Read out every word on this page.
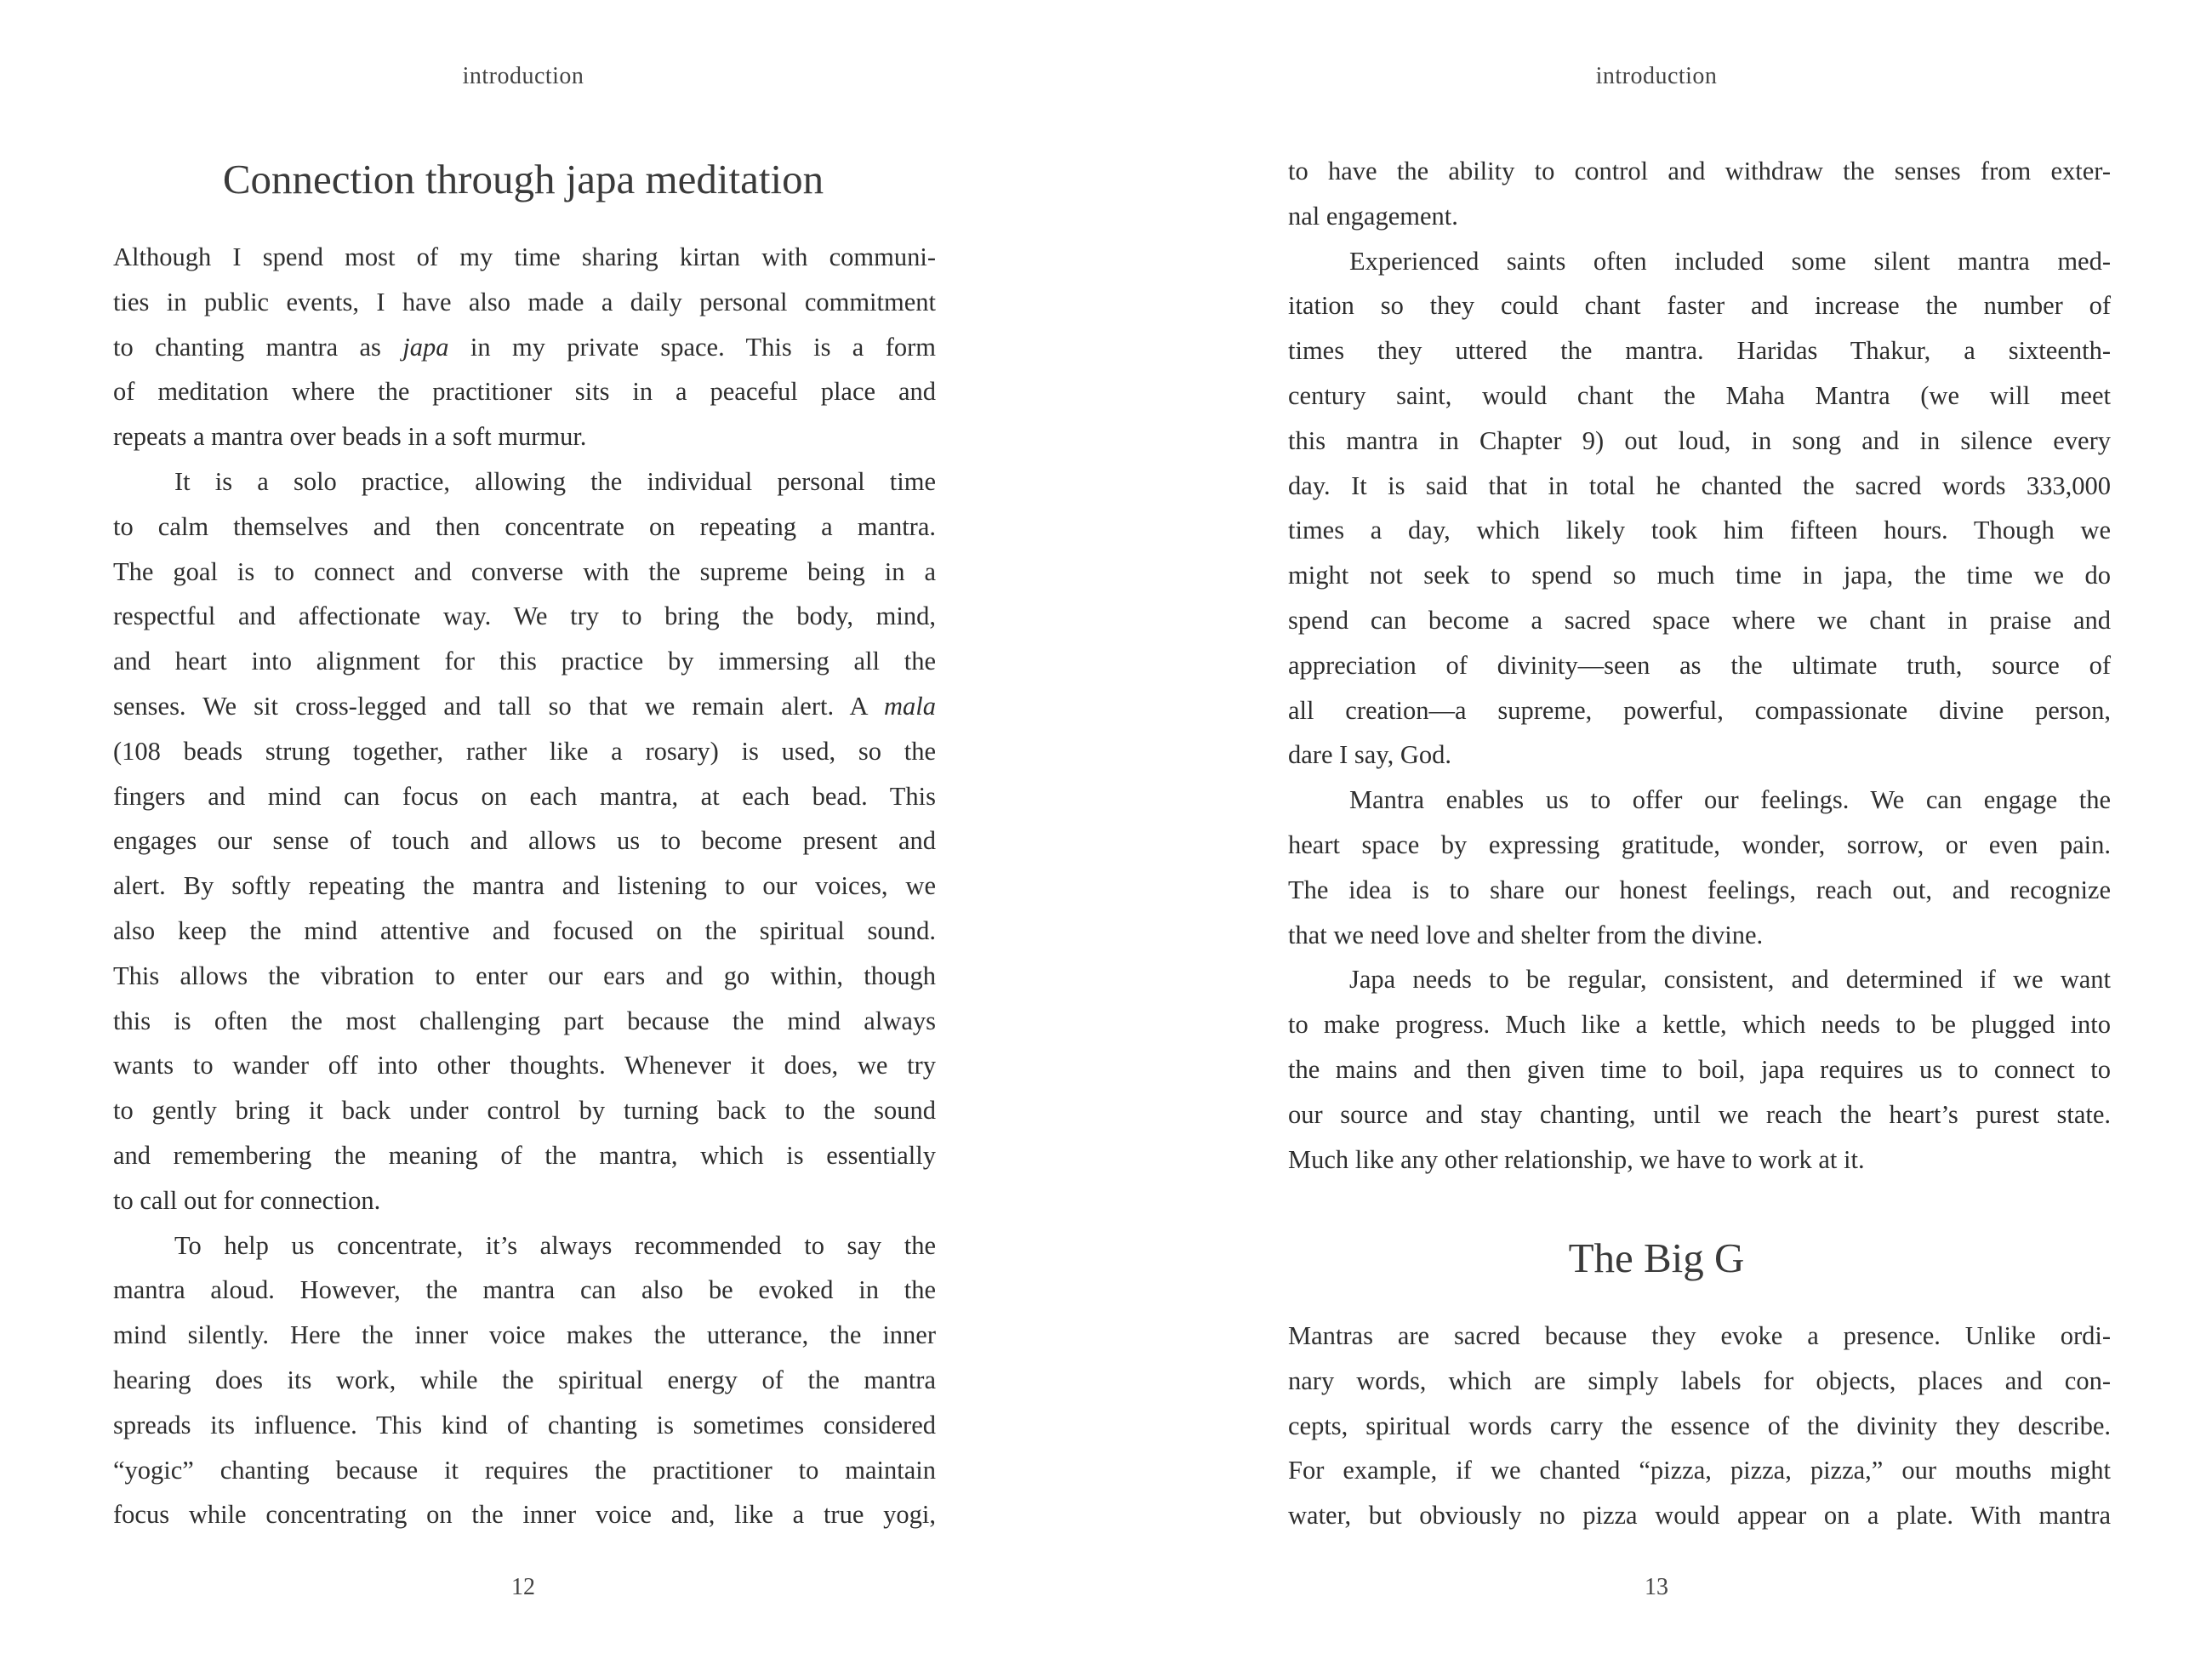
introduction
Connection through japa meditation
Although I spend most of my time sharing kirtan with communi-
ties in public events, I have also made a daily personal commitment
to chanting mantra as japa in my private space. This is a form
of meditation where the practitioner sits in a peaceful place and
repeats a mantra over beads in a soft murmur.
It is a solo practice, allowing the individual personal time
to calm themselves and then concentrate on repeating a mantra.
The goal is to connect and converse with the supreme being in a
respectful and affectionate way. We try to bring the body, mind,
and heart into alignment for this practice by immersing all the
senses. We sit cross-legged and tall so that we remain alert. A mala
(108 beads strung together, rather like a rosary) is used, so the
fingers and mind can focus on each mantra, at each bead. This
engages our sense of touch and allows us to become present and
alert. By softly repeating the mantra and listening to our voices, we
also keep the mind attentive and focused on the spiritual sound.
This allows the vibration to enter our ears and go within, though
this is often the most challenging part because the mind always
wants to wander off into other thoughts. Whenever it does, we try
to gently bring it back under control by turning back to the sound
and remembering the meaning of the mantra, which is essentially
to call out for connection.
To help us concentrate, it’s always recommended to say the
mantra aloud. However, the mantra can also be evoked in the
mind silently. Here the inner voice makes the utterance, the inner
hearing does its work, while the spiritual energy of the mantra
spreads its influence. This kind of chanting is sometimes considered
“yogic” chanting because it requires the practitioner to maintain
focus while concentrating on the inner voice and, like a true yogi,
12
introduction
to have the ability to control and withdraw the senses from exter-
nal engagement.
Experienced saints often included some silent mantra med-
itation so they could chant faster and increase the number of
times they uttered the mantra. Haridas Thakur, a sixteenth-
century saint, would chant the Maha Mantra (we will meet
this mantra in Chapter 9) out loud, in song and in silence every
day. It is said that in total he chanted the sacred words 333,000
times a day, which likely took him fifteen hours. Though we
might not seek to spend so much time in japa, the time we do
spend can become a sacred space where we chant in praise and
appreciation of divinity—seen as the ultimate truth, source of
all creation—a supreme, powerful, compassionate divine person,
dare I say, God.
Mantra enables us to offer our feelings. We can engage the
heart space by expressing gratitude, wonder, sorrow, or even pain.
The idea is to share our honest feelings, reach out, and recognize
that we need love and shelter from the divine.
Japa needs to be regular, consistent, and determined if we want
to make progress. Much like a kettle, which needs to be plugged into
the mains and then given time to boil, japa requires us to connect to
our source and stay chanting, until we reach the heart’s purest state.
Much like any other relationship, we have to work at it.
The Big G
Mantras are sacred because they evoke a presence. Unlike ordi-
nary words, which are simply labels for objects, places and con-
cepts, spiritual words carry the essence of the divinity they describe.
For example, if we chanted “pizza, pizza, pizza,” our mouths might
water, but obviously no pizza would appear on a plate. With mantra
13
